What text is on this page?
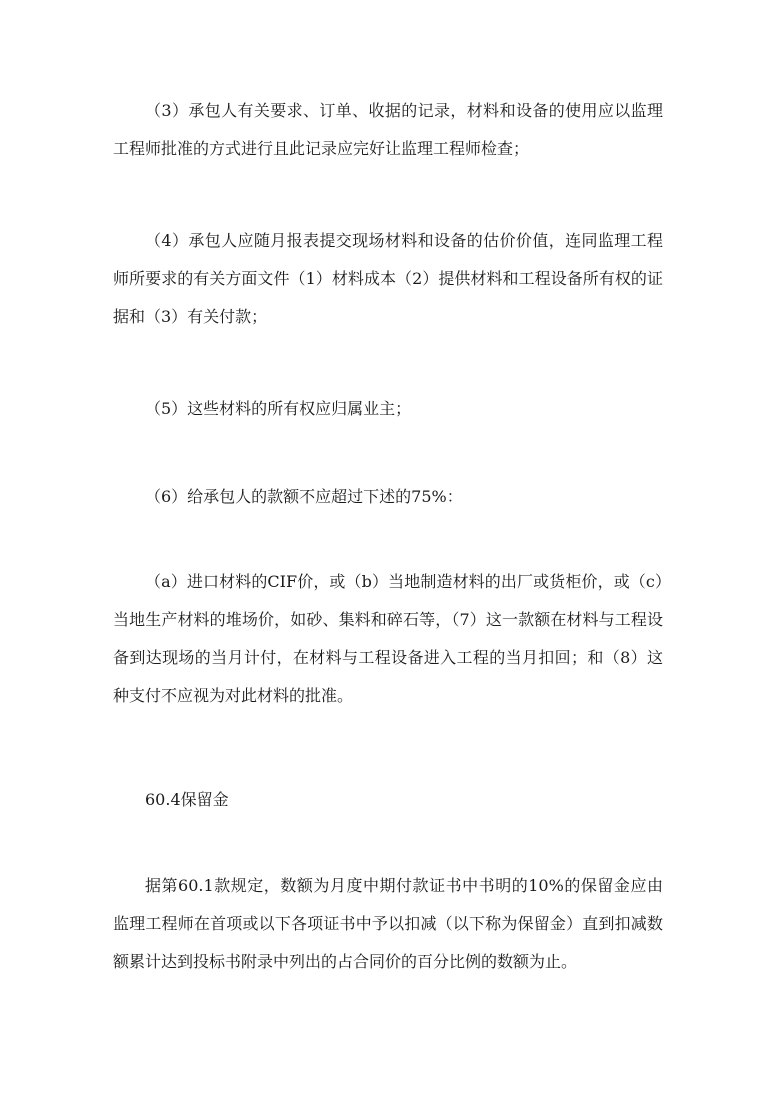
（3）承包人有关要求、订单、收据的记录，材料和设备的使用应以监理工程师批准的方式进行且此记录应完好让监理工程师检查；

（4）承包人应随月报表提交现场材料和设备的估价价值，连同监理工程师所要求的有关方面文件（1）材料成本（2）提供材料和工程设备所有权的证据和（3）有关付款；

（5）这些材料的所有权应归属业主；

（6）给承包人的款额不应超过下述的75%：

（a）进口材料的CIF价，或（b）当地制造材料的出厂或货柜价，或（c）当地生产材料的堆场价，如砂、集料和碎石等，（7）这一款额在材料与工程设备到达现场的当月计付，在材料与工程设备进入工程的当月扣回；和（8）这种支付不应视为对此材料的批准。

60.4保留金

据第60.1款规定，数额为月度中期付款证书中书明的10%的保留金应由监理工程师在首项或以下各项证书中予以扣减（以下称为保留金）直到扣减数额累计达到投标书附录中列出的占合同价的百分比例的数额为止。
